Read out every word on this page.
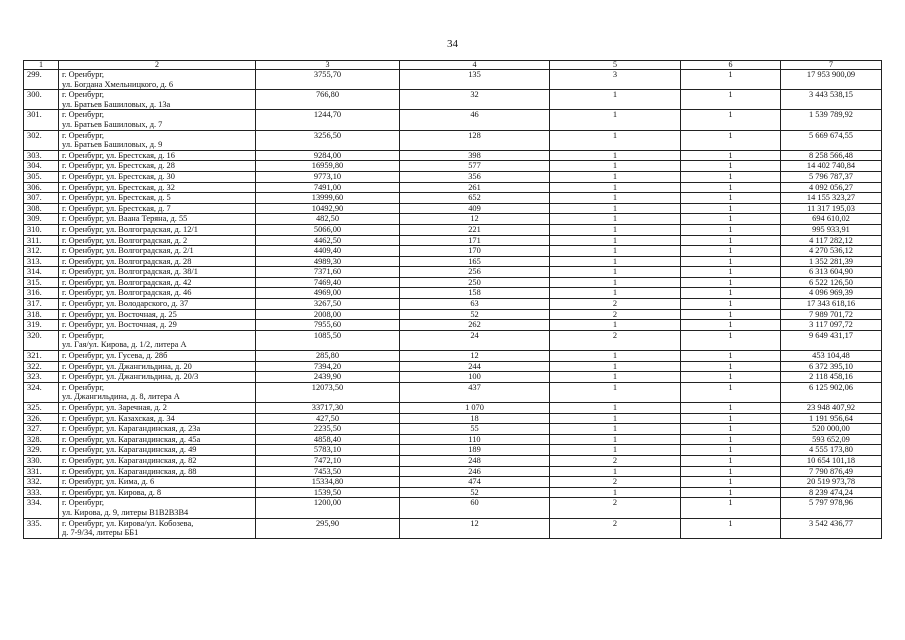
34
1	2	3	4	5	6	7
299.	г. Оренбург,
ул. Богдана Хмельницкого, д. 6	3755,70	135	3	1	17 953 900,09
300.	г. Оренбург,
ул. Братьев Башиловых, д. 13а	766,80	32	1	1	3 443 538,15
301.	г. Оренбург,
ул. Братьев Башиловых, д. 7	1244,70	46	1	1	1 539 789,92
302.	г. Оренбург,
ул. Братьев Башиловых, д. 9	3256,50	128	1	1	5 669 674,55
303.	г. Оренбург, ул. Брестская, д. 16	9284,00	398	1	1	8 258 566,48
304.	г. Оренбург, ул. Брестская, д. 28	16959,80	577	1	1	14 402 740,84
305.	г. Оренбург, ул. Брестская, д. 30	9773,10	356	1	1	5 796 787,37
306.	г. Оренбург, ул. Брестская, д. 32	7491,00	261	1	1	4 092 056,27
307.	г. Оренбург, ул. Брестская, д. 5	13999,60	652	1	1	14 155 323,27
308.	г. Оренбург, ул. Брестская, д. 7	10492,90	409	1	1	11 317 195,03
309.	г. Оренбург, ул. Ваана Теряна, д. 55	482,50	12	1	1	694 610,02
310.	г. Оренбург, ул. Волгоградская, д. 12/1	5066,00	221	1	1	995 933,91
311.	г. Оренбург, ул. Волгоградская, д. 2	4462,50	171	1	1	4 117 282,12
312.	г. Оренбург, ул. Волгоградская, д. 2/1	4409,40	170	1	1	4 270 536,12
313.	г. Оренбург, ул. Волгоградская, д. 28	4989,30	165	1	1	1 352 281,39
314.	г. Оренбург, ул. Волгоградская, д. 38/1	7371,60	256	1	1	6 313 604,90
315.	г. Оренбург, ул. Волгоградская, д. 42	7469,40	250	1	1	6 522 126,50
316.	г. Оренбург, ул. Волгоградская, д. 46	4969,00	158	1	1	4 096 969,39
317.	г. Оренбург, ул. Володарского, д. 37	3267,50	63	2	1	17 343 618,16
318.	г. Оренбург, ул. Восточная, д. 25	2008,00	52	2	1	7 989 701,72
319.	г. Оренбург, ул. Восточная, д. 29	7955,60	262	1	1	3 117 097,72
320.	г. Оренбург,
ул. Гая/ул. Кирова, д. 1/2, литера А	1085,50	24	2	1	9 649 431,17
321.	г. Оренбург, ул. Гусева, д. 28б	285,80	12	1	1	453 104,48
322.	г. Оренбург, ул. Джангильдина, д. 20	7394,20	244	1	1	6 372 395,10
323.	г. Оренбург, ул. Джангильдина, д. 20/3	2439,90	100	1	1	2 118 458,16
324.	г. Оренбург,
ул. Джангильдина, д. 8, литера А	12073,50	437	1	1	6 125 902,06
325.	г. Оренбург, ул. Заречная, д. 2	33717,30	1 070	1	1	23 948 407,92
326.	г. Оренбург, ул. Казахская, д. 34	427,50	18	1	1	1 191 956,64
327.	г. Оренбург, ул. Карагандинская, д. 23а	2235,50	55	1	1	520 000,00
328.	г. Оренбург, ул. Карагандинская, д. 45а	4858,40	110	1	1	593 652,09
329.	г. Оренбург, ул. Карагандинская, д. 49	5783,10	189	1	1	4 555 173,80
330.	г. Оренбург, ул. Карагандинская, д. 82	7472,10	248	2	1	10 654 101,18
331.	г. Оренбург, ул. Карагандинская, д. 88	7453,50	246	1	1	7 790 876,49
332.	г. Оренбург, ул. Кима, д. 6	15334,80	474	2	1	20 519 973,78
333.	г. Оренбург, ул. Кирова, д. 8	1539,50	52	1	1	8 239 474,24
334.	г. Оренбург,
ул. Кирова, д. 9, литеры В1В2В3В4	1200,00	60	2	1	5 797 978,96
335.	г. Оренбург, ул. Кирова/ул. Кобозева,
д. 7-9/34, литеры ББ1	295,90	12	2	1	3 542 436,77
